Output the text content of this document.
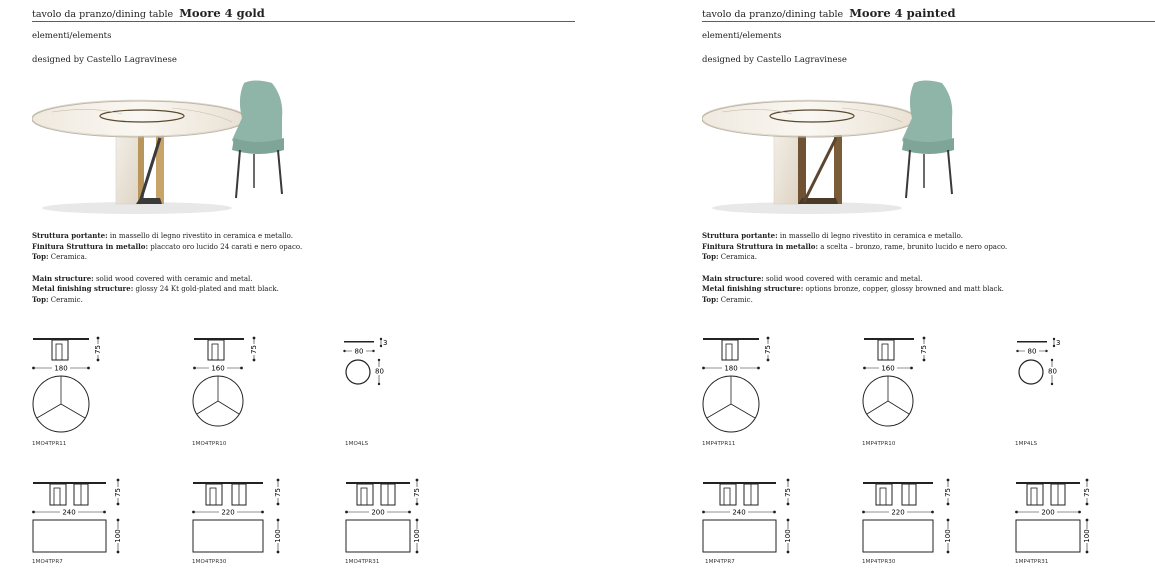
tavolo da pranzo/dining table Moore 4 gold
elementi/elements
designed by Castello Lagravinese
Struttura portante: in massello di legno rivestito in ceramica e metallo.
Finitura Struttura in metallo: placcato oro lucido 24 carati e nero opaco.
Top: Ceramica.
Main structure: solid wood covered with ceramic and metal.
Metal finishing structure: glossy 24 Kt gold-plated and matt black.
Top: Ceramic.
180
75
1MO4TPR11
160
75
1MO4TPR10
3
80
80
1MO4LS
240
75
100
1MO4TPR7
220
75
100
1MO4TPR30
200
75
100
1MO4TPR31
tavolo da pranzo/dining table Moore 4 painted
elementi/elements
designed by Castello Lagravinese
Struttura portante: in massello di legno rivestito in ceramica e metallo.
Finitura Struttura in metallo: a scelta – bronzo, rame, brunito lucido e nero opaco.
Top: Ceramica.
Main structure: solid wood covered with ceramic and metal.
Metal finishing structure: options bronze, copper, glossy browned and matt black.
Top: Ceramic.
180
75
1MP4TPR11
160
75
1MP4TPR10
3
80
80
1MP4LS
240
75
100
1MP4TPR7
220
75
100
1MP4TPR30
200
75
100
1MP4TPR31
